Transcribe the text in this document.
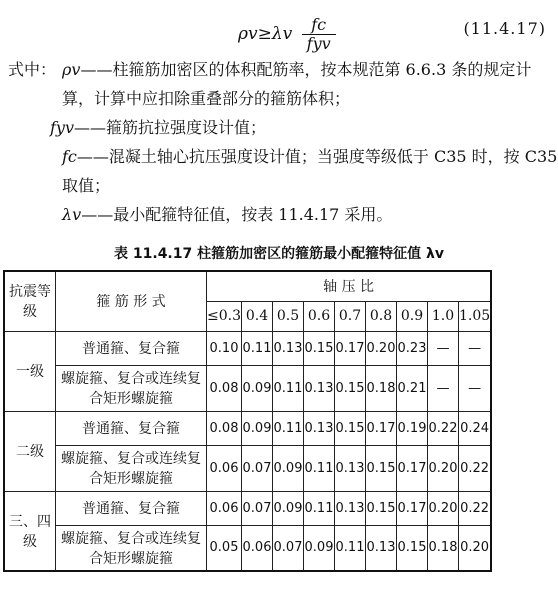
$\rho v\ge\lambda v \frac{fc}{\text{fyv}}$	(11.4.17)
式中： ρv——柱箍筋加密区的体积配筋率，按本规范第 6.6.3 条的规定计算，计算中应扣除重叠部分的箍筋体积；
fyv——箍筋抗拉强度设计值；
fc——混凝土轴心抗压强度设计值；当强度等级低于 C35 时，按 C35 取值；
λv——最小配箍特征值，按表 11.4.17 采用。
表 11.4.17 柱箍筋加密区的箍筋最小配箍特征值 λv
抗震等级	箍 筋 形 式	轴 压 比								
		≤0.3	0.4	0.5	0.6	0.7	0.8	0.9	1.0	1.05
一级	普通箍、复合箍	0.10	0.11	0.13	0.15	0.17	0.20	0.23	—	—
	螺旋箍、复合或连续复合矩形螺旋箍	0.08	0.09	0.11	0.13	0.15	0.18	0.21	—	—
二级	普通箍、复合箍	0.08	0.09	0.11	0.13	0.15	0.17	0.19	0.22	0.24
	螺旋箍、复合或连续复合矩形螺旋箍	0.06	0.07	0.09	0.11	0.13	0.15	0.17	0.20	0.22
三、四级	普通箍、复合箍	0.06	0.07	0.09	0.11	0.13	0.15	0.17	0.20	0.22
	螺旋箍、复合或连续复合矩形螺旋箍	0.05	0.06	0.07	0.09	0.11	0.13	0.15	0.18	0.20
